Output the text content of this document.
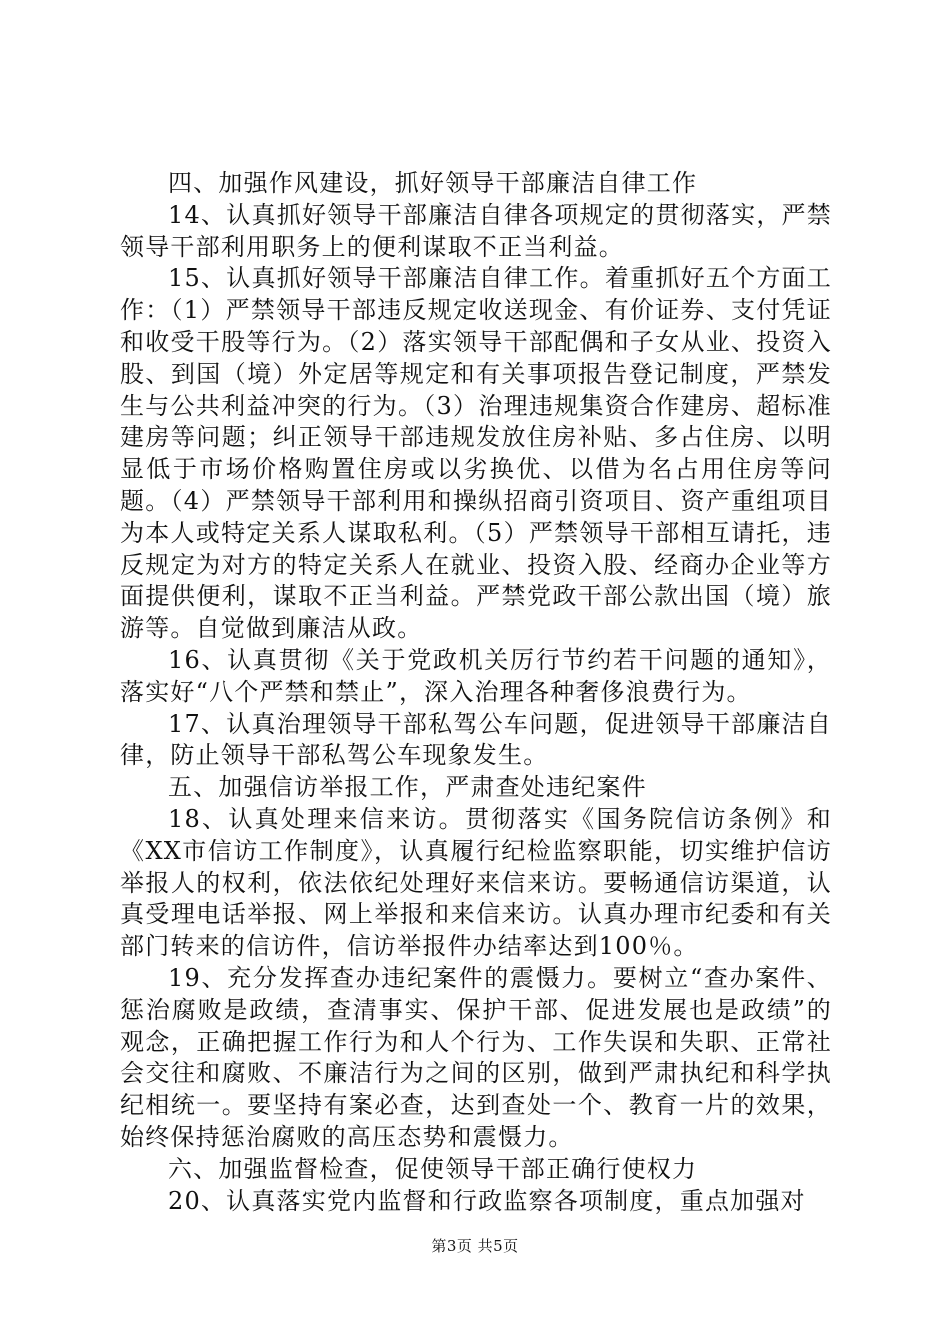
四、加强作风建设，抓好领导干部廉洁自律工作

14、认真抓好领导干部廉洁自律各项规定的贯彻落实，严禁领导干部利用职务上的便利谋取不正当利益。

15、认真抓好领导干部廉洁自律工作。着重抓好五个方面工作：（1）严禁领导干部违反规定收送现金、有价证券、支付凭证和收受干股等行为。（2）落实领导干部配偶和子女从业、投资入股、到国（境）外定居等规定和有关事项报告登记制度，严禁发生与公共利益冲突的行为。（3）治理违规集资合作建房、超标准建房等问题；纠正领导干部违规发放住房补贴、多占住房、以明显低于市场价格购置住房或以劣换优、以借为名占用住房等问题。（4）严禁领导干部利用和操纵招商引资项目、资产重组项目为本人或特定关系人谋取私利。（5）严禁领导干部相互请托，违反规定为对方的特定关系人在就业、投资入股、经商办企业等方面提供便利，谋取不正当利益。严禁党政干部公款出国（境）旅游等。自觉做到廉洁从政。

16、认真贯彻《关于党政机关厉行节约若干问题的通知》，落实好“八个严禁和禁止”，深入治理各种奢侈浪费行为。

17、认真治理领导干部私驾公车问题，促进领导干部廉洁自律，防止领导干部私驾公车现象发生。

五、加强信访举报工作，严肃查处违纪案件

18、认真处理来信来访。贯彻落实《国务院信访条例》和《XX市信访工作制度》，认真履行纪检监察职能，切实维护信访举报人的权利，依法依纪处理好来信来访。要畅通信访渠道，认真受理电话举报、网上举报和来信来访。认真办理市纪委和有关部门转来的信访件，信访举报件办结率达到100％。

19、充分发挥查办违纪案件的震慑力。要树立“查办案件、惩治腐败是政绩，查清事实、保护干部、促进发展也是政绩”的观念，正确把握工作行为和人个行为、工作失误和失职、正常社会交往和腐败、不廉洁行为之间的区别，做到严肃执纪和科学执纪相统一。要坚持有案必查，达到查处一个、教育一片的效果，始终保持惩治腐败的高压态势和震慑力。

六、加强监督检查，促使领导干部正确行使权力

20、认真落实党内监督和行政监察各项制度，重点加强对

第3页 共5页
